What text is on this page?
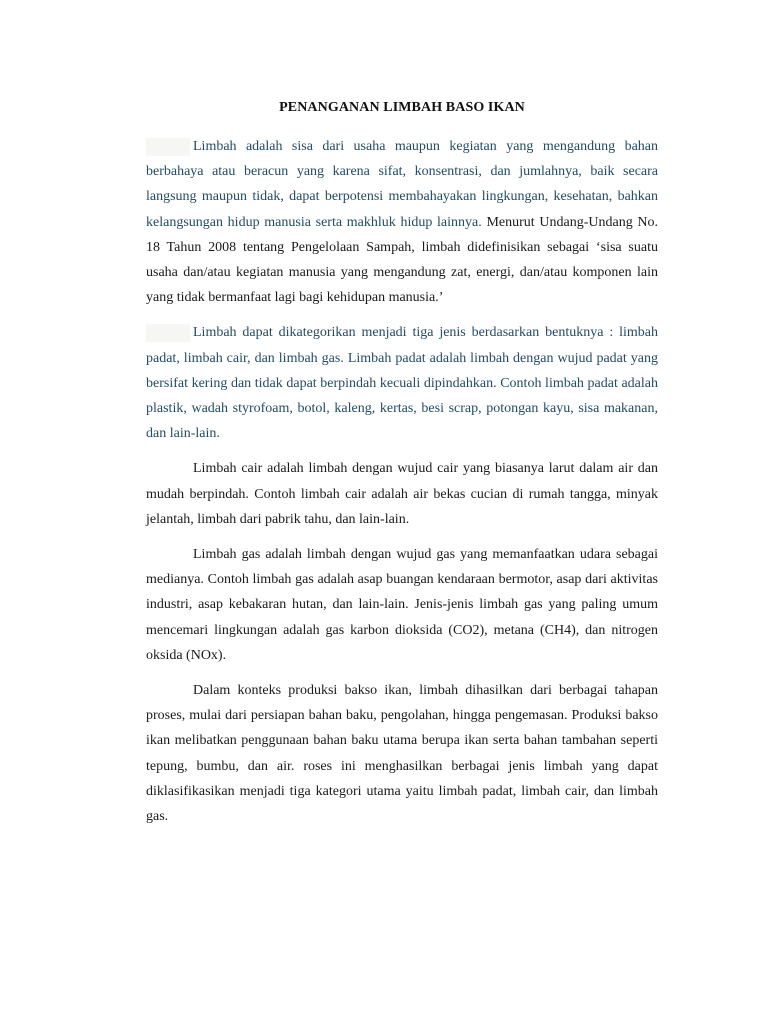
PENANGANAN LIMBAH BASO IKAN

Limbah adalah sisa dari usaha maupun kegiatan yang mengandung bahan berbahaya atau beracun yang karena sifat, konsentrasi, dan jumlahnya, baik secara langsung maupun tidak, dapat berpotensi membahayakan lingkungan, kesehatan, bahkan kelangsungan hidup manusia serta makhluk hidup lainnya. Menurut Undang-Undang No. 18 Tahun 2008 tentang Pengelolaan Sampah, limbah didefinisikan sebagai ‘sisa suatu usaha dan/atau kegiatan manusia yang mengandung zat, energi, dan/atau komponen lain yang tidak bermanfaat lagi bagi kehidupan manusia.’

Limbah dapat dikategorikan menjadi tiga jenis berdasarkan bentuknya : limbah padat, limbah cair, dan limbah gas. Limbah padat adalah limbah dengan wujud padat yang bersifat kering dan tidak dapat berpindah kecuali dipindahkan. Contoh limbah padat adalah plastik, wadah styrofoam, botol, kaleng, kertas, besi scrap, potongan kayu, sisa makanan, dan lain-lain.

Limbah cair adalah limbah dengan wujud cair yang biasanya larut dalam air dan mudah berpindah. Contoh limbah cair adalah air bekas cucian di rumah tangga, minyak jelantah, limbah dari pabrik tahu, dan lain-lain.

Limbah gas adalah limbah dengan wujud gas yang memanfaatkan udara sebagai medianya. Contoh limbah gas adalah asap buangan kendaraan bermotor, asap dari aktivitas industri, asap kebakaran hutan, dan lain-lain. Jenis-jenis limbah gas yang paling umum mencemari lingkungan adalah gas karbon dioksida (CO2), metana (CH4), dan nitrogen oksida (NOx).

Dalam konteks produksi bakso ikan, limbah dihasilkan dari berbagai tahapan proses, mulai dari persiapan bahan baku, pengolahan, hingga pengemasan. Produksi bakso ikan melibatkan penggunaan bahan baku utama berupa ikan serta bahan tambahan seperti tepung, bumbu, dan air. roses ini menghasilkan berbagai jenis limbah yang dapat diklasifikasikan menjadi tiga kategori utama yaitu limbah padat, limbah cair, dan limbah gas.
